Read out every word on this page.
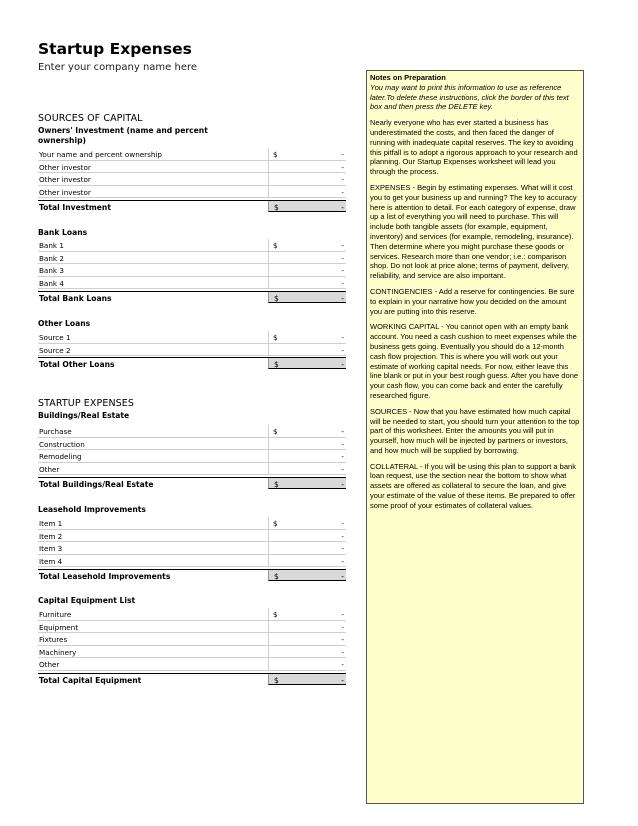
Startup Expenses
Enter your company name here
SOURCES OF CAPITAL
Owners' Investment (name and percent ownership)
Your name and percent ownership	$	-
Other investor	-
Other investor	-
Other investor	-
Total Investment	$	-
Bank Loans
Bank 1	$	-
Bank 2	-
Bank 3	-
Bank 4	-
Total Bank Loans	$	-
Other Loans
Source 1	$	-
Source 2	-
Total Other Loans	$	-
STARTUP EXPENSES
Buildings/Real Estate
Purchase	$	-
Construction	-
Remodeling	-
Other	-
Total Buildings/Real Estate	$	-
Leasehold Improvements
Item 1	$	-
Item 2	-
Item 3	-
Item 4	-
Total Leasehold Improvements	$	-
Capital Equipment List
Furniture	$	-
Equipment	-
Fixtures	-
Machinery	-
Other	-
Total Capital Equipment	$	-

Notes on Preparation

You may want to print this information to use as reference later.To delete these instructions, click the border of this text box and then press the DELETE key.

Nearly everyone who has ever started a business has underestimated the costs, and then faced the danger of running with inadequate capital reserves. The key to avoiding this pitfall is to adopt a rigorous approach to your research and planning. Our Startup Expenses worksheet will lead you through the process.

EXPENSES - Begin by estimating expenses. What will it cost you to get your business up and running? The key to accuracy here is attention to detail. For each category of expense, draw up a list of everything you will need to purchase. This will include both tangible assets (for example, equipment, inventory) and services (for example, remodeling, insurance). Then determine where you might purchase these goods or services. Research more than one vendor; i.e.: comparison shop. Do not look at price alone; terms of payment, delivery, reliability, and service are also important.

CONTINGENCIES - Add a reserve for contingencies. Be sure to explain in your narrative how you decided on the amount you are putting into this reserve.

WORKING CAPITAL - You cannot open with an empty bank account. You need a cash cushion to meet expenses while the business gets going. Eventually you should do a 12-month cash flow projection. This is where you will work out your estimate of working capital needs. For now, either leave this line blank or put in your best rough guess. After you have done your cash flow, you can come back and enter the carefully researched figure.

SOURCES - Now that you have estimated how much capital will be needed to start, you should turn your attention to the top part of this worksheet. Enter the amounts you will put in yourself, how much will be injected by partners or investors, and how much will be supplied by borrowing.

COLLATERAL - If you will be using this plan to support a bank loan request, use the section near the bottom to show what assets are offered as collateral to secure the loan, and give your estimate of the value of these items. Be prepared to offer some proof of your estimates of collateral values.
